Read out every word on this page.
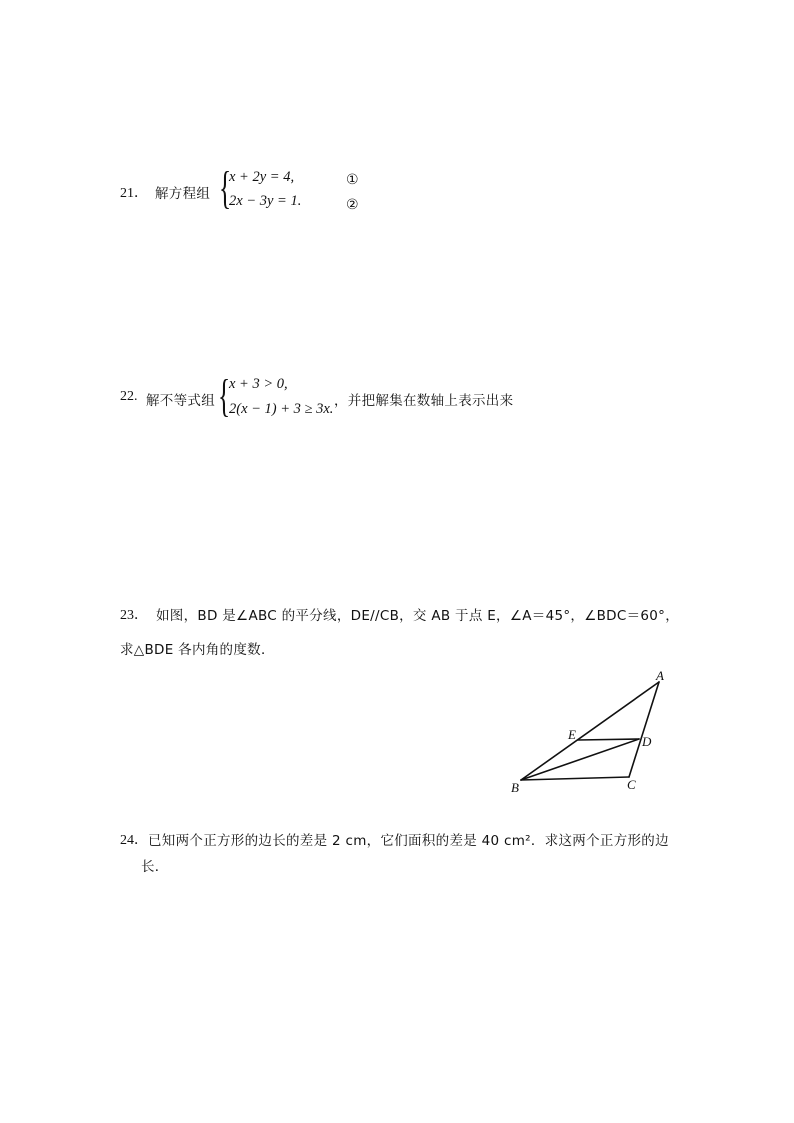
21． 解方程组 {
x + 2y = 4,
2x − 3y = 1.
①
②
22. 解不等式组 {
x + 3 > 0,
2(x − 1) + 3 ≥ 3x. ，并把解集在数轴上表示出来
23． 如图，BD 是∠ABC 的平分线，DE//CB，交 AB 于点 E，∠A＝45°，∠BDC＝60°，
求△BDE 各内角的度数．
A
B	C
D
E
24． 已知两个正方形的边长的差是 2 cm，它们面积的差是 40 cm²．求这两个正方形的边
长．
